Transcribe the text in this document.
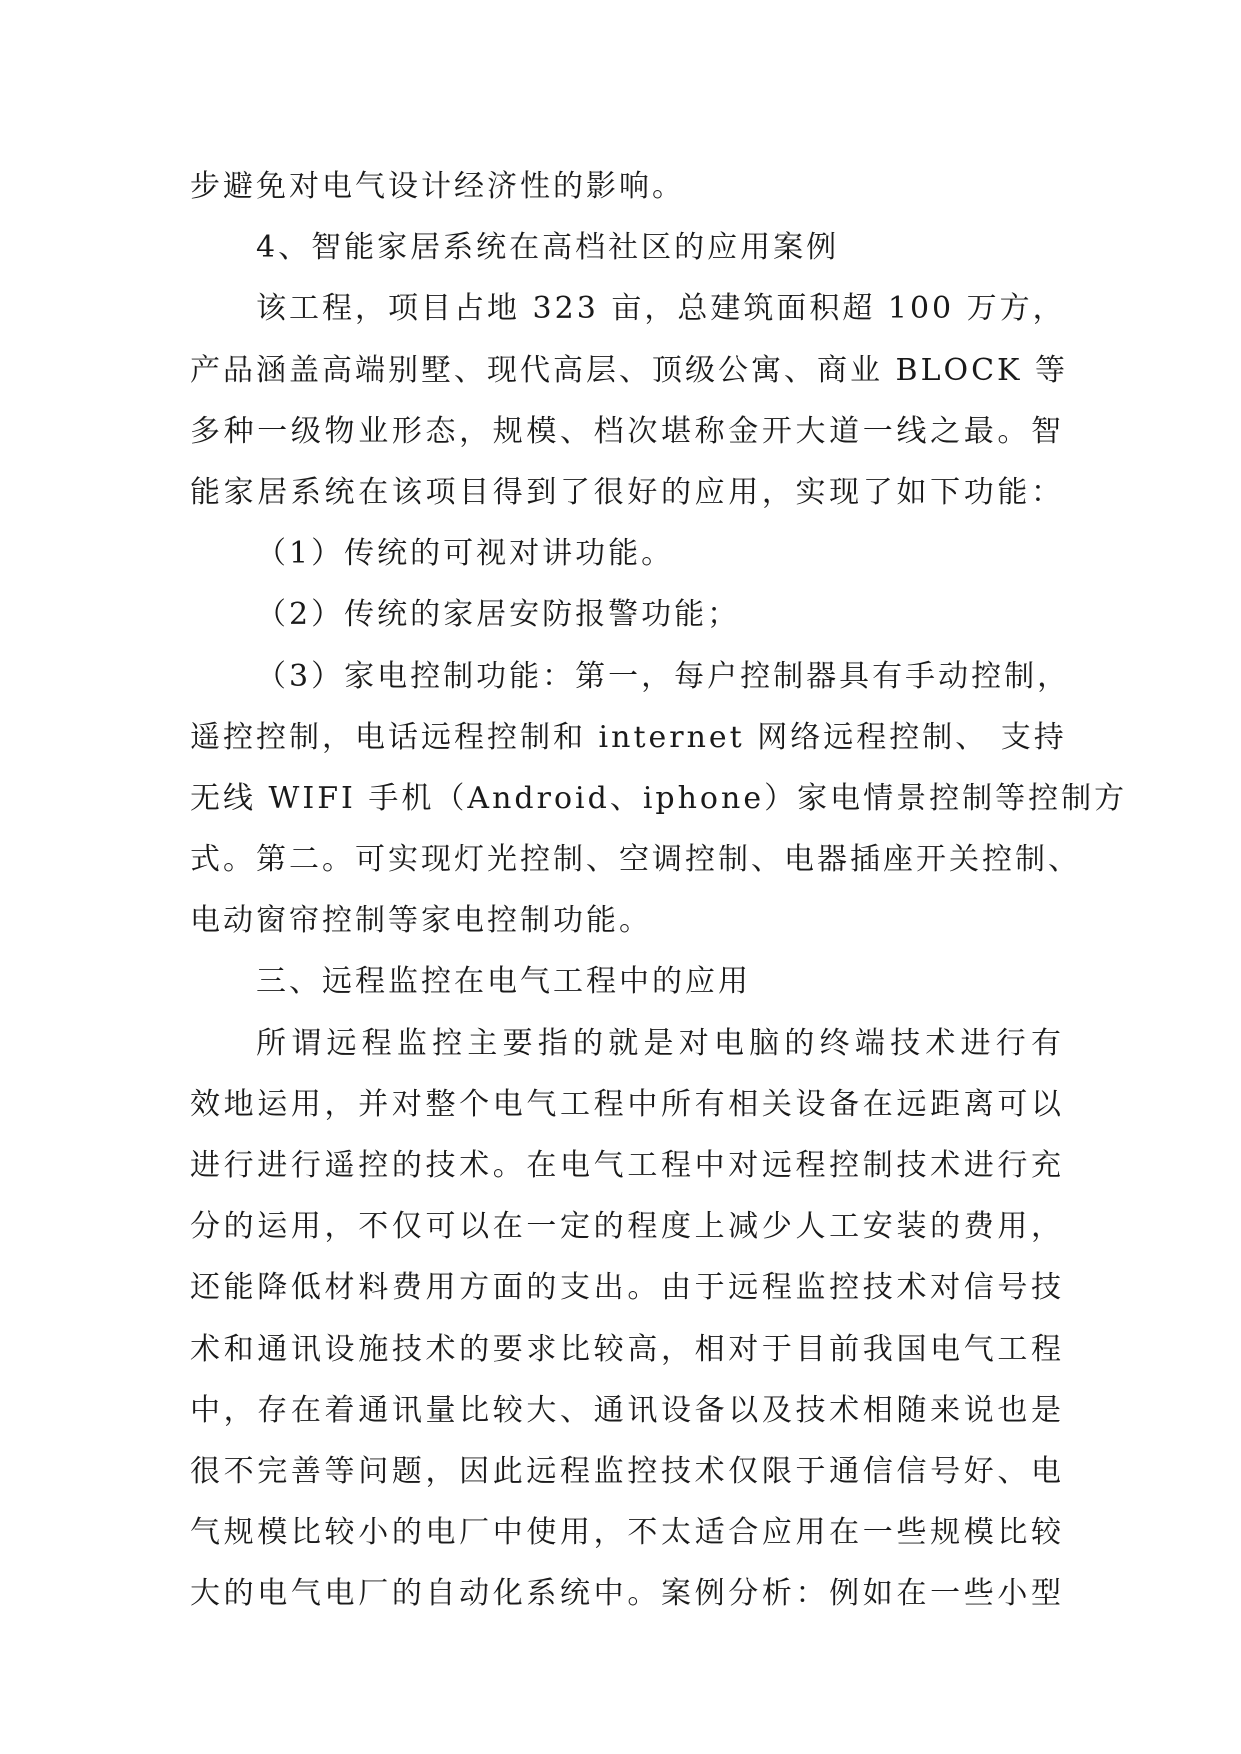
步避免对电气设计经济性的影响。
4、智能家居系统在高档社区的应用案例
该工程，项目占地 323 亩，总建筑面积超 100 万方，
产品涵盖高端别墅、现代高层、顶级公寓、商业 BLOCK 等
多种一级物业形态，规模、档次堪称金开大道一线之最。智
能家居系统在该项目得到了很好的应用，实现了如下功能：
（1）传统的可视对讲功能。
（2）传统的家居安防报警功能；
（3）家电控制功能：第一，每户控制器具有手动控制，
遥控控制，电话远程控制和 internet 网络远程控制、 支持
无线 WIFI 手机（Android、iphone）家电情景控制等控制方
式。第二。可实现灯光控制、空调控制、电器插座开关控制、
电动窗帘控制等家电控制功能。
三、远程监控在电气工程中的应用
所谓远程监控主要指的就是对电脑的终端技术进行有
效地运用，并对整个电气工程中所有相关设备在远距离可以
进行进行遥控的技术。在电气工程中对远程控制技术进行充
分的运用，不仅可以在一定的程度上减少人工安装的费用，
还能降低材料费用方面的支出。由于远程监控技术对信号技
术和通讯设施技术的要求比较高，相对于目前我国电气工程
中，存在着通讯量比较大、通讯设备以及技术相随来说也是
很不完善等问题，因此远程监控技术仅限于通信信号好、电
气规模比较小的电厂中使用，不太适合应用在一些规模比较
大的电气电厂的自动化系统中。案例分析：例如在一些小型
